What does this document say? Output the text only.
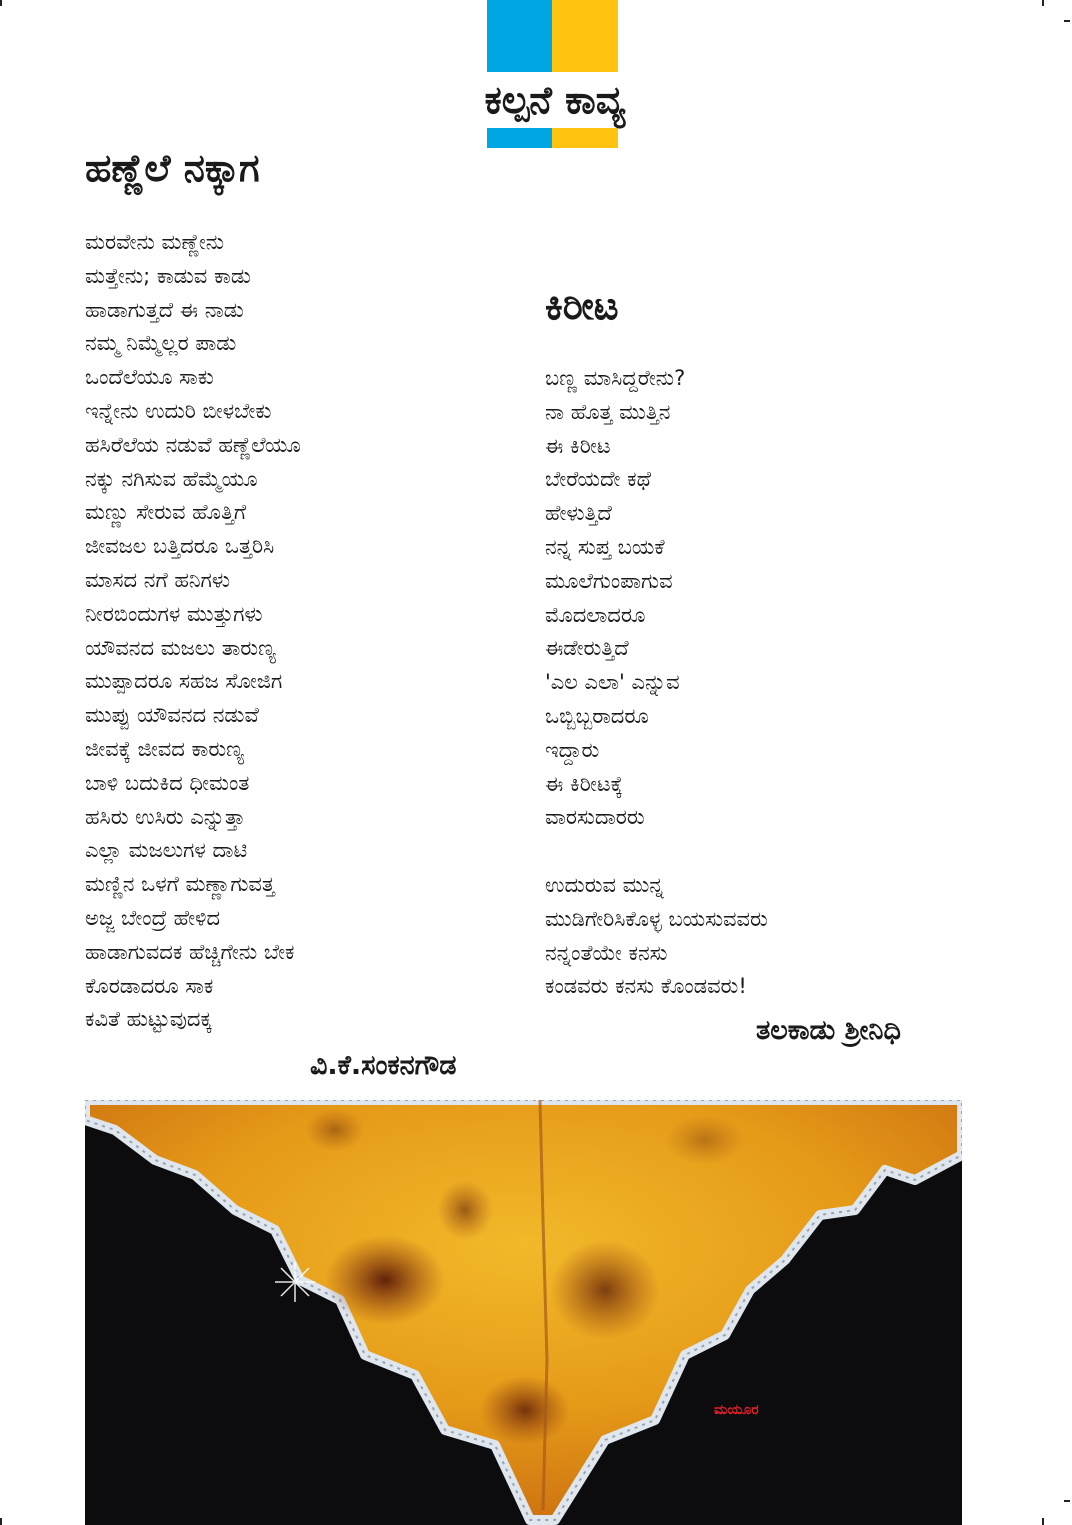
ಕಲ್ಪನೆ ಕಾವ್ಯ
ಹಣ್ಣೆಲೆ ನಕ್ಕಾಗ
ಮರವೇನು ಮಣ್ಣೇನು
ಮತ್ತೇನು; ಕಾಡುವ ಕಾಡು
ಹಾಡಾಗುತ್ತದೆ ಈ ನಾಡು
ನಮ್ಮ ನಿಮ್ಮೆಲ್ಲರ ಪಾಡು
ಒಂದೆಲೆಯೂ ಸಾಕು
ಇನ್ನೇನು ಉದುರಿ ಬೀಳಬೇಕು
ಹಸಿರೆಲೆಯ ನಡುವೆ ಹಣ್ಣೆಲೆಯೂ
ನಕ್ಕು ನಗಿಸುವ ಹೆಮ್ಮೆಯೂ
ಮಣ್ಣು ಸೇರುವ ಹೊತ್ತಿಗೆ
ಜೀವಜಲ ಬತ್ತಿದರೂ ಒತ್ತರಿಸಿ
ಮಾಸದ ನಗೆ ಹನಿಗಳು
ನೀರಬಿಂದುಗಳ ಮುತ್ತುಗಳು
ಯೌವನದ ಮಜಲು ತಾರುಣ್ಯ
ಮುಪ್ಪಾದರೂ ಸಹಜ ಸೋಜಿಗ
ಮುಪ್ಪು ಯೌವನದ ನಡುವೆ
ಜೀವಕ್ಕೆ ಜೀವದ ಕಾರುಣ್ಯ
ಬಾಳಿ ಬದುಕಿದ ಧೀಮಂತ
ಹಸಿರು ಉಸಿರು ಎನ್ನುತ್ತಾ
ಎಲ್ಲಾ ಮಜಲುಗಳ ದಾಟಿ
ಮಣ್ಣಿನ ಒಳಗೆ ಮಣ್ಣಾಗುವತ್ತ
ಅಜ್ಜ ಬೇಂದ್ರೆ ಹೇಳಿದ
ಹಾಡಾಗುವದಕ ಹೆಚ್ಚಿಗೇನು ಬೇಕ
ಕೊರಡಾದರೂ ಸಾಕ
ಕವಿತೆ ಹುಟ್ಟುವುದಕ್ಕ
ವಿ.ಕೆ.ಸಂಕನಗೌಡ
ಕಿರೀಟ
ಬಣ್ಣ ಮಾಸಿದ್ದರೇನು?
ನಾ ಹೊತ್ತ ಮುತ್ತಿನ
ಈ ಕಿರೀಟ
ಬೇರೆಯದೇ ಕಥೆ
ಹೇಳುತ್ತಿದೆ
ನನ್ನ ಸುಪ್ತ ಬಯಕೆ
ಮೂಲೆಗುಂಪಾಗುವ
ಮೊದಲಾದರೂ
ಈಡೇರುತ್ತಿದೆ
'ಎಲ ಎಲಾ' ಎನ್ನುವ
ಒಬ್ಬಿಬ್ಬರಾದರೂ
ಇದ್ದಾರು
ಈ ಕಿರೀಟಕ್ಕೆ
ವಾರಸುದಾರರು
ಉದುರುವ ಮುನ್ನ
ಮುಡಿಗೇರಿಸಿಕೊಳ್ಳ ಬಯಸುವವರು
ನನ್ನಂತೆಯೇ ಕನಸು
ಕಂಡವರು ಕನಸು ಕೊಂಡವರು!
ತಲಕಾಡು ಶ್ರೀನಿಧಿ
ಮಯೂರ
